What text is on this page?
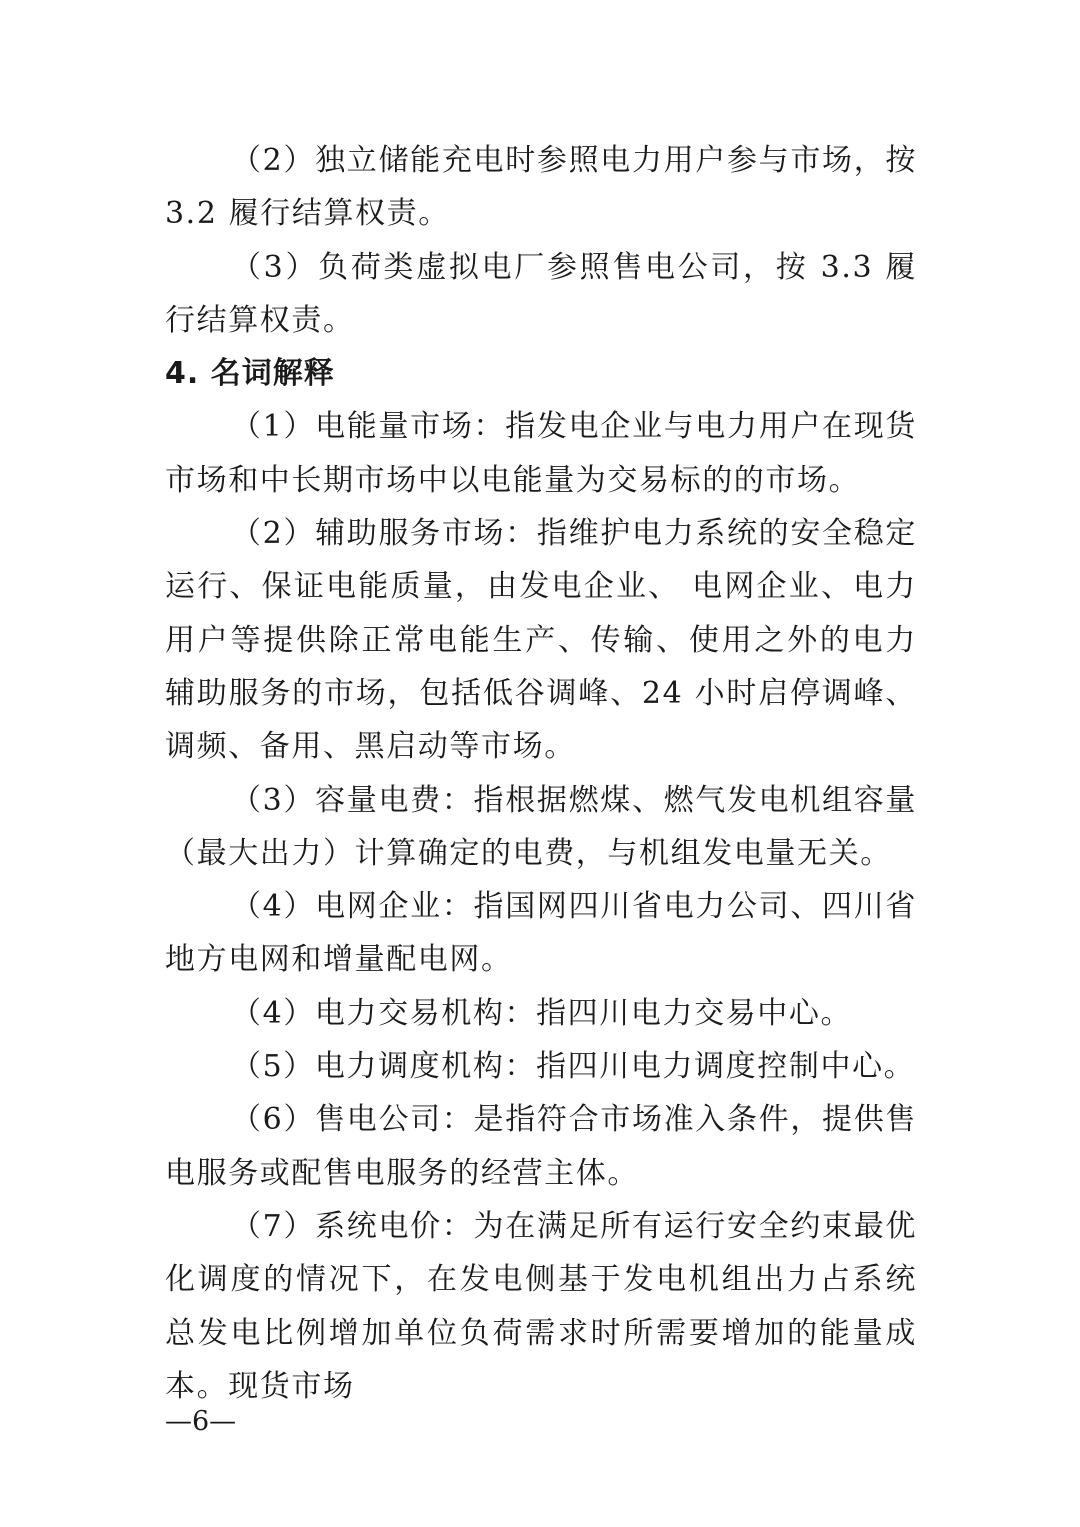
（2）独立储能充电时参照电力用户参与市场，按 3.2 履行结算权责。

（3）负荷类虚拟电厂参照售电公司，按 3.3 履行结算权责。

4. 名词解释

（1）电能量市场：指发电企业与电力用户在现货市场和中长期市场中以电能量为交易标的的市场。

（2）辅助服务市场：指维护电力系统的安全稳定运行、保证电能质量，由发电企业、 电网企业、电力用户等提供除正常电能生产、传输、使用之外的电力辅助服务的市场，包括低谷调峰、24 小时启停调峰、调频、备用、黑启动等市场。

（3）容量电费：指根据燃煤、燃气发电机组容量（最大出力）计算确定的电费，与机组发电量无关。

（4）电网企业：指国网四川省电力公司、四川省地方电网和增量配电网。

（4）电力交易机构：指四川电力交易中心。

（5）电力调度机构：指四川电力调度控制中心。

（6）售电公司：是指符合市场准入条件，提供售电服务或配售电服务的经营主体。

（7）系统电价：为在满足所有运行安全约束最优化调度的情况下，在发电侧基于发电机组出力占系统总发电比例增加单位负荷需求时所需要增加的能量成本。现货市场

—6—
